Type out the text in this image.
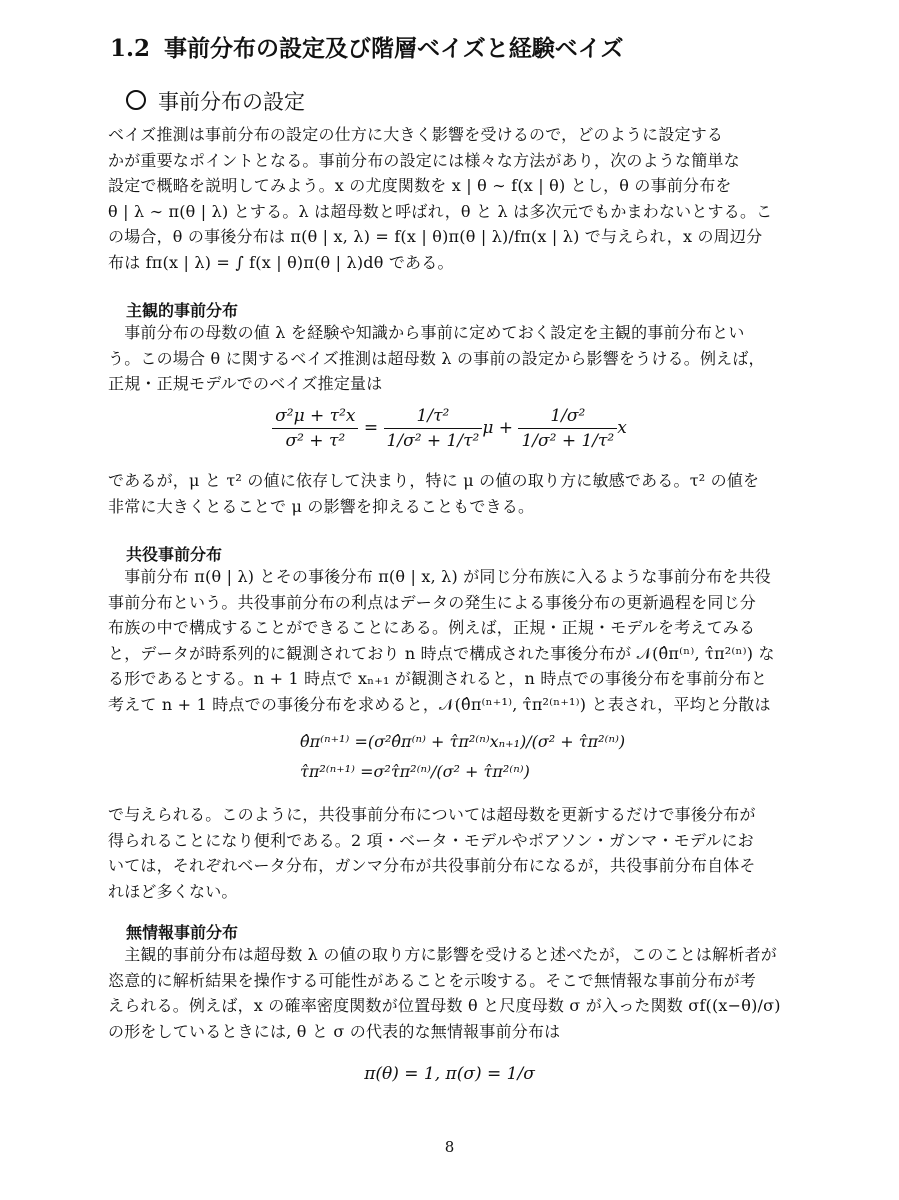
1.2 事前分布の設定及び階層ベイズと経験ベイズ
事前分布の設定
ベイズ推測は事前分布の設定の仕方に大きく影響を受けるので，どのように設定する
かが重要なポイントとなる。事前分布の設定には様々な方法があり，次のような簡単な
設定で概略を説明してみよう。x の尤度関数を x | θ ∼ f(x | θ) とし，θ の事前分布を
θ | λ ∼ π(θ | λ) とする。λ は超母数と呼ばれ，θ と λ は多次元でもかまわないとする。こ
の場合，θ の事後分布は π(θ | x, λ) = f(x | θ)π(θ | λ)/fπ(x | λ) で与えられ，x の周辺分
布は fπ(x | λ) = ∫ f(x | θ)π(θ | λ)dθ である。
主観的事前分布
　事前分布の母数の値 λ を経験や知識から事前に定めておく設定を主観的事前分布とい
う。この場合 θ に関するベイズ推測は超母数 λ の事前の設定から影響をうける。例えば，
正規・正規モデルでのベイズ推定量は
$\frac{\text{σ²μ + τ²x}}{\text{σ² + τ²}} = \frac{\text{1/τ²}}{\text{1/σ² + 1/τ²}}$ $\mu + \frac{\text{1/σ²}}{\text{1/σ² + 1/τ²}}$ x
であるが，μ と τ² の値に依存して決まり，特に μ の値の取り方に敏感である。τ² の値を
非常に大きくとることで μ の影響を抑えることもできる。
共役事前分布
　事前分布 π(θ | λ) とその事後分布 π(θ | x, λ) が同じ分布族に入るような事前分布を共役
事前分布という。共役事前分布の利点はデータの発生による事後分布の更新過程を同じ分
布族の中で構成することができることにある。例えば，正規・正規・モデルを考えてみる
と，データが時系列的に観測されており n 時点で構成された事後分布が 𝒩(θ̂π⁽ⁿ⁾, τ̂π²⁽ⁿ⁾) な
る形であるとする。n + 1 時点で xₙ₊₁ が観測されると，n 時点での事後分布を事前分布と
考えて n + 1 時点での事後分布を求めると，𝒩(θ̂π⁽ⁿ⁺¹⁾, τ̂π²⁽ⁿ⁺¹⁾) と表され，平均と分散は
θ̂π⁽ⁿ⁺¹⁾ =(σ²θ̂π⁽ⁿ⁾ + τ̂π²⁽ⁿ⁾xₙ₊₁)/(σ² + τ̂π²⁽ⁿ⁾)
τ̂π²⁽ⁿ⁺¹⁾ =σ²τ̂π²⁽ⁿ⁾/(σ² + τ̂π²⁽ⁿ⁾)
で与えられる。このように，共役事前分布については超母数を更新するだけで事後分布が
得られることになり便利である。2 項・ベータ・モデルやポアソン・ガンマ・モデルにお
いては，それぞれベータ分布，ガンマ分布が共役事前分布になるが，共役事前分布自体そ
れほど多くない。
無情報事前分布
　主観的事前分布は超母数 λ の値の取り方に影響を受けると述べたが，このことは解析者が
恣意的に解析結果を操作する可能性があることを示唆する。そこで無情報な事前分布が考
えられる。例えば，x の確率密度関数が位置母数 θ と尺度母数 σ が入った関数 σf((x−θ)/σ)
の形をしているときには, θ と σ の代表的な無情報事前分布は
π(θ) = 1, π(σ) = 1/σ
8
